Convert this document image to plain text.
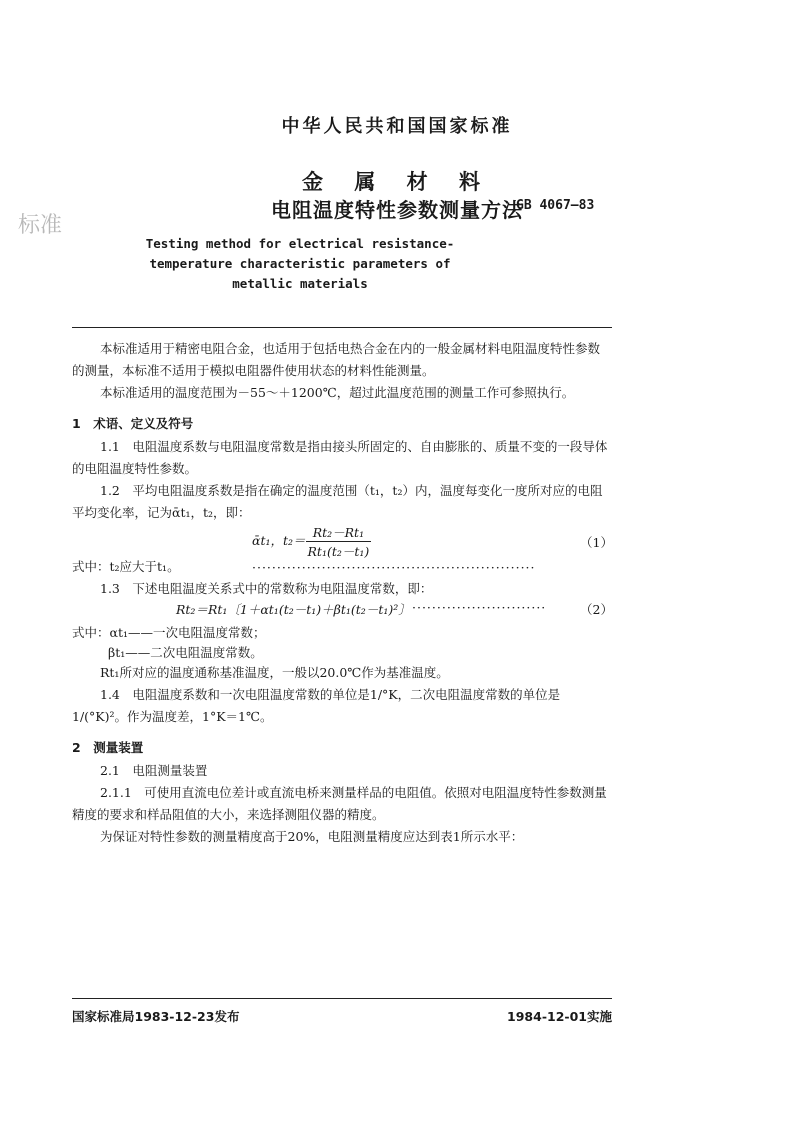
中华人民共和国国家标准
金 属 材 料
电阻温度特性参数测量方法
GB 4067—83
标准
Testing method for electrical resistance-
temperature characteristic parameters of
metallic materials
本标准适用于精密电阻合金，也适用于包括电热合金在内的一般金属材料电阻温度特性参数的测量，本标准不适用于模拟电阻器件使用状态的材料性能测量。
本标准适用的温度范围为－55～＋1200℃，超过此温度范围的测量工作可参照执行。
1　术语、定义及符号
1.1　电阻温度系数与电阻温度常数是指由接头所固定的、自由膨胀的、质量不变的一段导体的电阻温度特性参数。
1.2　平均电阻温度系数是指在确定的温度范围（t₁，t₂）内，温度每变化一度所对应的电阻平均变化率，记为ᾱt₁，t₂，即：
ᾱt₁，$t_2= \frac{\text{Rt₂－Rt₁}}{\text{Rt₁(t₂－t₁)}}$
·························································
（1）
式中：t₂应大于t₁。
1.3　下述电阻温度关系式中的常数称为电阻温度常数，即：
Rt₂＝Rt₁〔1＋αt₁(t₂－t₁)＋βt₁(t₂－t₁)²〕 ···························	（2）
式中：αt₁——一次电阻温度常数；
βt₁——二次电阻温度常数。
Rt₁所对应的温度通称基准温度，一般以20.0℃作为基准温度。
1.4　电阻温度系数和一次电阻温度常数的单位是1/°K，二次电阻温度常数的单位是1/(°K)²。作为温度差，1°K＝1℃。
2　测量装置
2.1　电阻测量装置
2.1.1　可使用直流电位差计或直流电桥来测量样品的电阻值。依照对电阻温度特性参数测量精度的要求和样品阻值的大小，来选择测阻仪器的精度。
为保证对特性参数的测量精度高于20%，电阻测量精度应达到表1所示水平：
国家标准局1983-12-23发布	1984-12-01实施
